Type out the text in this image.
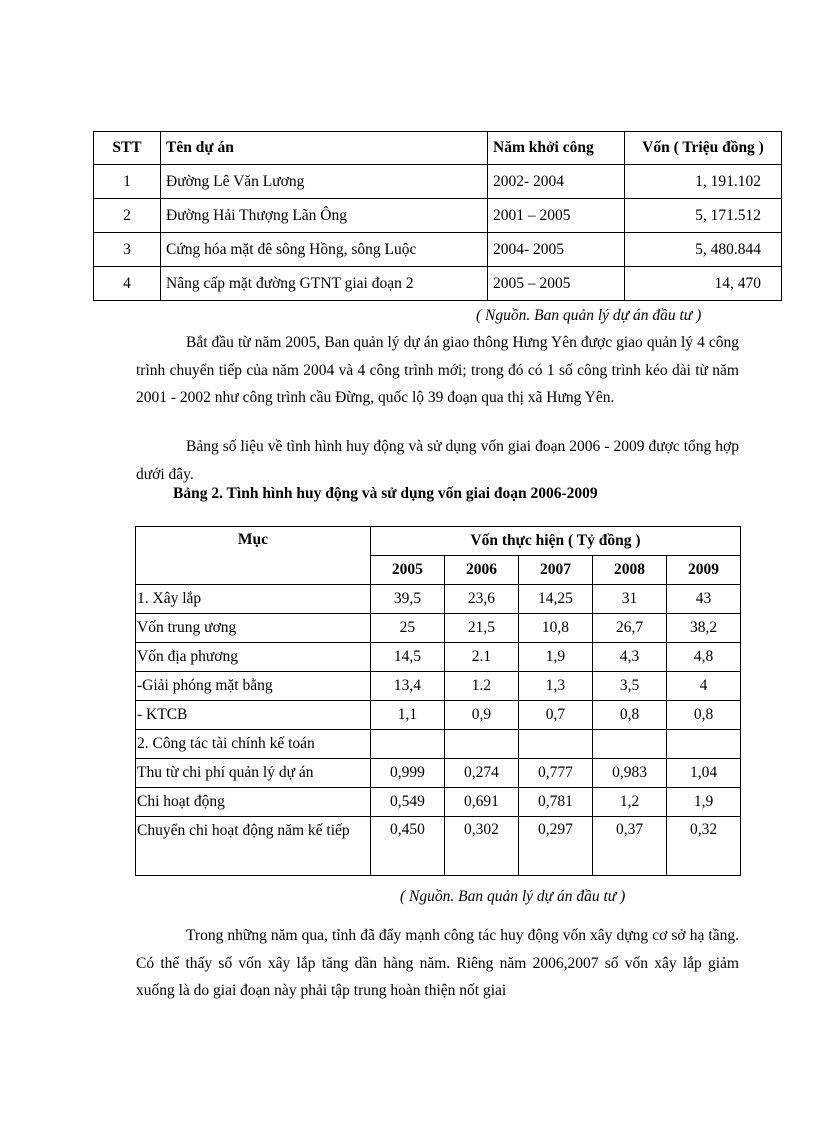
STT	Tên dự án	Năm khởi công	Vốn ( Triệu đồng )
1	Đường Lê Văn Lương	2002- 2004	1, 191.102
2	Đường Hải Thượng Lãn Ông	2001 – 2005	5, 171.512
3	Cứng hóa mặt đê sông Hồng, sông Luộc	2004- 2005	5, 480.844
4	Nâng cấp mặt đường GTNT giai đoạn 2	2005 – 2005	14, 470
( Nguồn. Ban quản lý dự án đầu tư )

Bắt đầu từ năm 2005, Ban quản lý dự án giao thông Hưng Yên được giao quản lý 4 công trình chuyển tiếp của năm 2004 và 4 công trình mới; trong đó có 1 số công trình kéo dài từ năm 2001 - 2002 như công trình cầu Đừng, quốc lộ 39 đoạn qua thị xã Hưng Yên.

Bảng số liệu về tình hình huy động và sử dụng vốn giai đoạn 2006 - 2009 được tổng hợp dưới đây.

Bảng 2. Tình hình huy động và sử dụng vốn giai đoạn 2006-2009
Mục	Vốn thực hiện ( Tỷ đồng )				
	2005	2006	2007	2008	2009
1. Xây lắp	39,5	23,6	14,25	31	43
Vốn trung ương	25	21,5	10,8	26,7	38,2
Vốn địa phương	14,5	2.1	1,9	4,3	4,8
-Giải phóng mặt bằng	13,4	1.2	1,3	3,5	4
- KTCB	1,1	0,9	0,7	0,8	0,8
2. Công tác tài chính kế toán					
Thu từ chi phí quản lý dự án	0,999	0,274	0,777	0,983	1,04
Chi hoạt động	0,549	0,691	0,781	1,2	1,9
Chuyển chi hoạt động năm kế tiếp	0,450	0,302	0,297	0,37	0,32
( Nguồn. Ban quản lý dự án đầu tư )

Trong những năm qua, tỉnh đã đẩy mạnh công tác huy động vốn xây dựng cơ sở hạ tầng. Có thể thấy số vốn xây lắp tăng dần hàng năm. Riêng năm 2006,2007 số vốn xây lắp giảm xuống là do giai đoạn này phải tập trung hoàn thiện nốt giai
